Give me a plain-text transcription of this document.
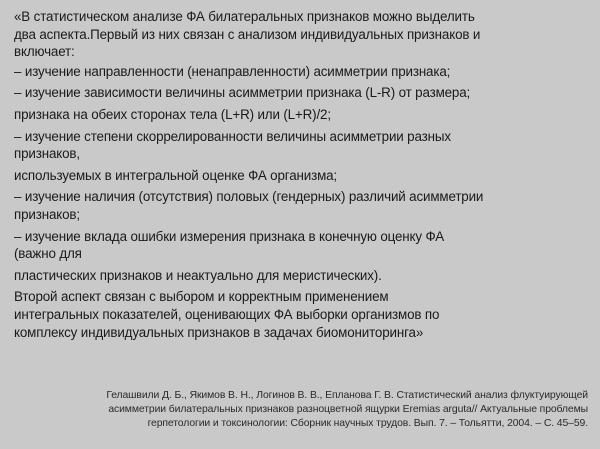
«В статистическом анализе ФА билатеральных признаков можно выделить

два аспекта.Первый из них связан с анализом индивидуальных признаков и

включает:

– изучение направленности (ненаправленности) асимметрии признака;

– изучение зависимости величины асимметрии признака (L-R) от размера;

признака на обеих сторонах тела (L+R) или (L+R)/2;

– изучение степени скоррелированности величины асимметрии разных

признаков,

используемых в интегральной оценке ФА организма;

– изучение наличия (отсутствия) половых (гендерных) различий асимметрии

признаков;

– изучение вклада ошибки измерения признака в конечную оценку ФА

(важно для

пластических признаков и неактуально для меристических).

Второй аспект связан с выбором и корректным применением

интегральных показателей, оценивающих ФА выборки организмов по

комплексу индивидуальных признаков в задачах биомониторинга»

Гелашвили Д. Б., Якимов В. Н., Логинов В. В., Епланова Г. В. Статистический анализ флуктуирующей

асимметрии билатеральных признаков разноцветной ящурки Eremias arguta// Актуальные проблемы

герпетологии и токсинологии: Сборник научных трудов. Вып. 7. – Тольятти, 2004. – С. 45–59.
